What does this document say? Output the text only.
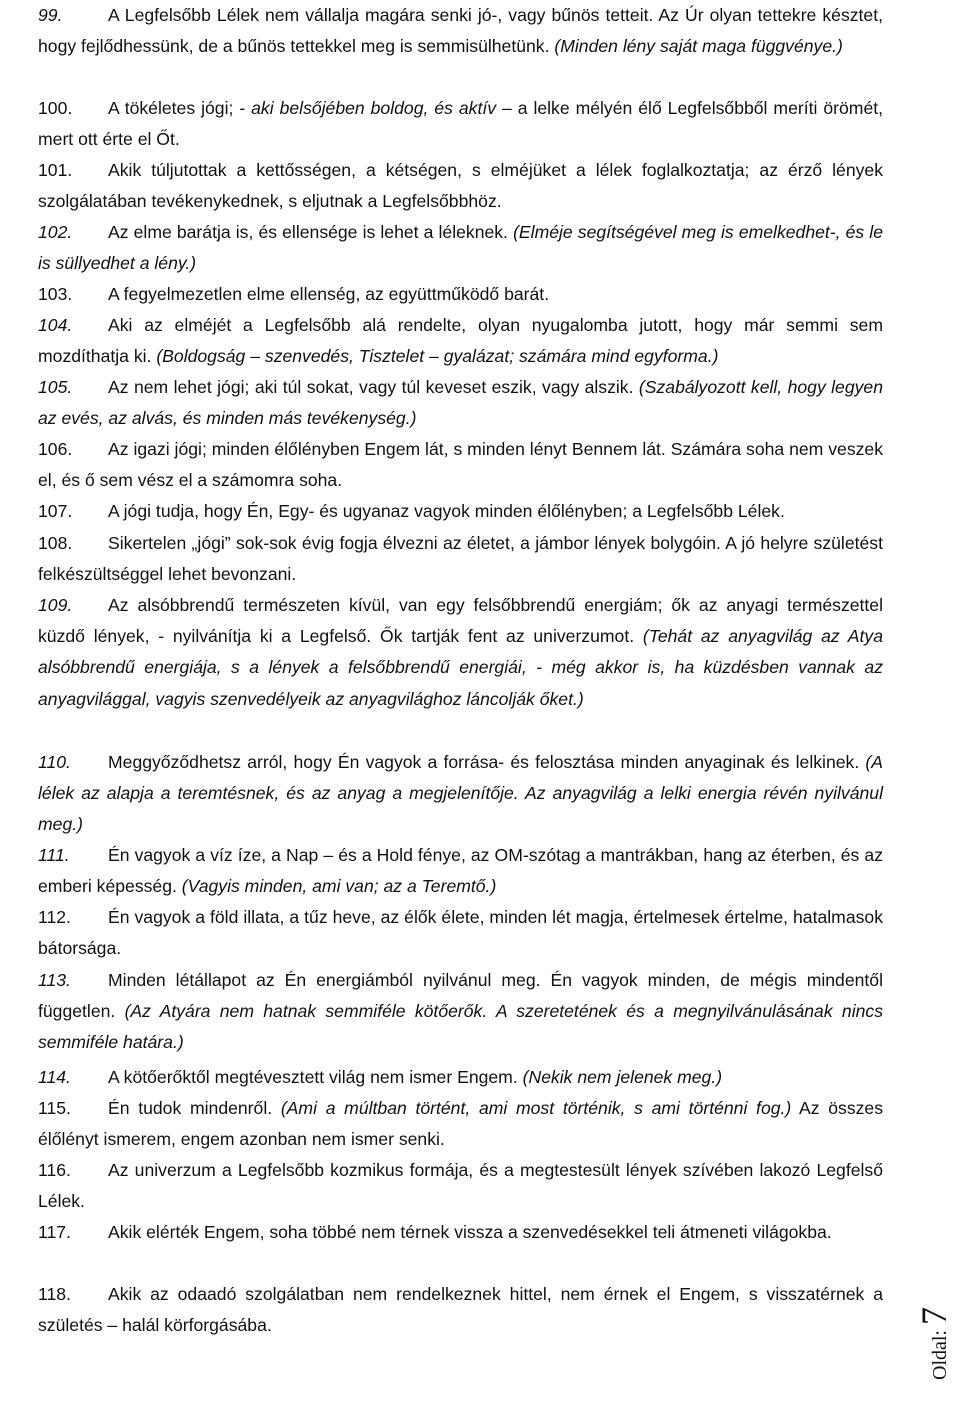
99.	A Legfelsőbb Lélek nem vállalja magára senki jó-, vagy bűnös tetteit. Az Úr olyan tettekre késztet, hogy fejlődhessünk, de a bűnös tettekkel meg is semmisülhetünk. (Minden lény saját maga függvénye.)

100. A tökéletes jógi; - aki belsőjében boldog, és aktív – a lelke mélyén élő Legfelsőbből meríti örömét, mert ott érte el Őt.

101. Akik túljutottak a kettősségen, a kétségen, s elméjüket a lélek foglalkoztatja; az érző lények szolgálatában tevékenykednek, s eljutnak a Legfelsőbbhöz.

102. Az elme barátja is, és ellensége is lehet a léleknek. (Elméje segítségével meg is emelkedhet-, és le is süllyedhet a lény.)

103. A fegyelmezetlen elme ellenség, az együttműködő barát.

104. Aki az elméjét a Legfelsőbb alá rendelte, olyan nyugalomba jutott, hogy már semmi sem mozdíthatja ki. (Boldogság – szenvedés, Tisztelet – gyalázat; számára mind egyforma.)

105. Az nem lehet jógi; aki túl sokat, vagy túl keveset eszik, vagy alszik. (Szabályozott kell, hogy legyen az evés, az alvás, és minden más tevékenység.)

106. Az igazi jógi; minden élőlényben Engem lát, s minden lényt Bennem lát. Számára soha nem veszek el, és ő sem vész el a számomra soha.

107. A jógi tudja, hogy Én, Egy- és ugyanaz vagyok minden élőlényben; a Legfelsőbb Lélek.

108. Sikertelen „jógi” sok-sok évig fogja élvezni az életet, a jámbor lények bolygóin. A jó helyre születést felkészültséggel lehet bevonzani.

109. Az alsóbbrendű természeten kívül, van egy felsőbbrendű energiám; ők az anyagi természettel küzdő lények, - nyilvánítja ki a Legfelső. Ők tartják fent az univerzumot. (Tehát az anyagvilág az Atya alsóbbrendű energiája, s a lények a felsőbbrendű energiái, - még akkor is, ha küzdésben vannak az anyagvilággal, vagyis szenvedélyeik az anyagvilághoz láncolják őket.)

110. Meggyőződhetsz arról, hogy Én vagyok a forrása- és felosztása minden anyaginak és lelkinek. (A lélek az alapja a teremtésnek, és az anyag a megjelenítője. Az anyagvilág a lelki energia révén nyilvánul meg.)

111. Én vagyok a víz íze, a Nap – és a Hold fénye, az OM-szótag a mantrákban, hang az éterben, és az emberi képesség. (Vagyis minden, ami van; az a Teremtő.)

112. Én vagyok a föld illata, a tűz heve, az élők élete, minden lét magja, értelmesek értelme, hatalmasok bátorsága.

113. Minden létállapot az Én energiámból nyilvánul meg. Én vagyok minden, de mégis mindentől független. (Az Atyára nem hatnak semmiféle kötőerők. A szeretetének és a megnyilvánulásának nincs semmiféle határa.)

114. A kötőerőktől megtévesztett világ nem ismer Engem. (Nekik nem jelenek meg.)

115. Én tudok mindenről. (Ami a múltban történt, ami most történik, s ami történni fog.) Az összes élőlényt ismerem, engem azonban nem ismer senki.

116. Az univerzum a Legfelsőbb kozmikus formája, és a megtestesült lények szívében lakozó Legfelső Lélek.

117. Akik elérték Engem, soha többé nem térnek vissza a szenvedésekkel teli átmeneti világokba.

118. Akik az odaadó szolgálatban nem rendelkeznek hittel, nem érnek el Engem, s visszatérnek a születés – halál körforgásába.	Oldal: 7
